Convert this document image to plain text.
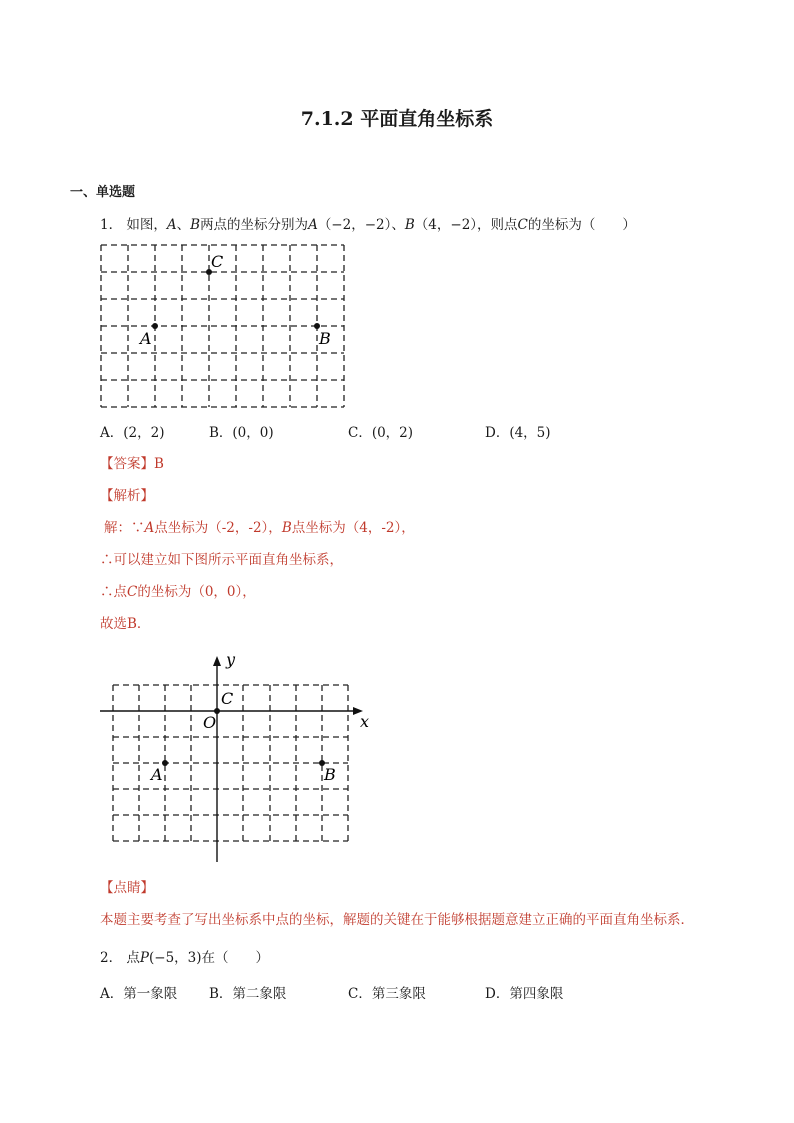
7.1.2 平面直角坐标系
一、单选题
1． 如图，A、B两点的坐标分别为A（−2，−2）、B（4，−2），则点C的坐标为（　　）
C
A	B
A．(2，2)	B．(0，0)	C．(0，2)	D．(4，5)
【答案】B
【解析】
解：∵A点坐标为（-2，-2），B点坐标为（4，-2），
∴可以建立如下图所示平面直角坐标系，
∴点C的坐标为（0，0），
故选B．
y
x
O
C
A	B
【点睛】
本题主要考查了写出坐标系中点的坐标，解题的关键在于能够根据题意建立正确的平面直角坐标系．
2． 点P(−5，3)在（　　）
A．第一象限 B．第二象限	C．第三象限	D．第四象限
